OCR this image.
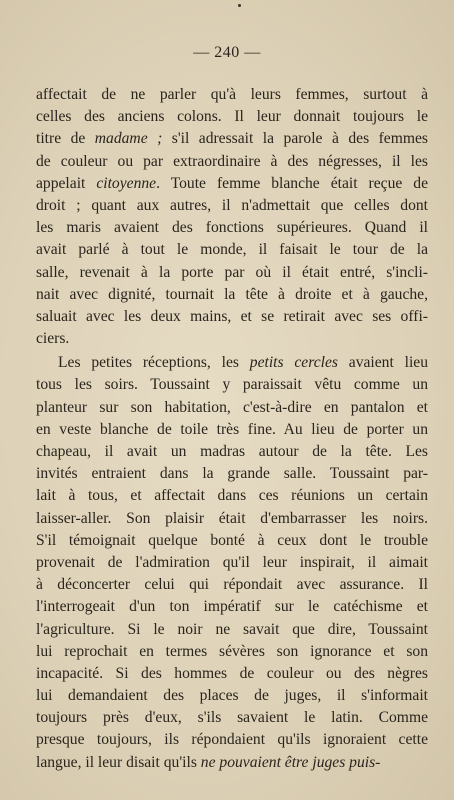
— 240 —
affectait de ne parler qu'à leurs femmes, surtout à
celles des anciens colons. Il leur donnait toujours le
titre de madame ; s'il adressait la parole à des femmes
de couleur ou par extraordinaire à des négresses, il les
appelait citoyenne. Toute femme blanche était reçue de
droit ; quant aux autres, il n'admettait que celles dont
les maris avaient des fonctions supérieures. Quand il
avait parlé à tout le monde, il faisait le tour de la
salle, revenait à la porte par où il était entré, s'incli-
nait avec dignité, tournait la tête à droite et à gauche,
saluait avec les deux mains, et se retirait avec ses offi-
ciers.
Les petites réceptions, les petits cercles avaient lieu
tous les soirs. Toussaint y paraissait vêtu comme un
planteur sur son habitation, c'est-à-dire en pantalon et
en veste blanche de toile très fine. Au lieu de porter un
chapeau, il avait un madras autour de la tête. Les
invités entraient dans la grande salle. Toussaint par-
lait à tous, et affectait dans ces réunions un certain
laisser-aller. Son plaisir était d'embarrasser les noirs.
S'il témoignait quelque bonté à ceux dont le trouble
provenait de l'admiration qu'il leur inspirait, il aimait
à déconcerter celui qui répondait avec assurance. Il
l'interrogeait d'un ton impératif sur le catéchisme et
l'agriculture. Si le noir ne savait que dire, Toussaint
lui reprochait en termes sévères son ignorance et son
incapacité. Si des hommes de couleur ou des nègres
lui demandaient des places de juges, il s'informait
toujours près d'eux, s'ils savaient le latin. Comme
presque toujours, ils répondaient qu'ils ignoraient cette
langue, il leur disait qu'ils ne pouvaient être juges puis-
